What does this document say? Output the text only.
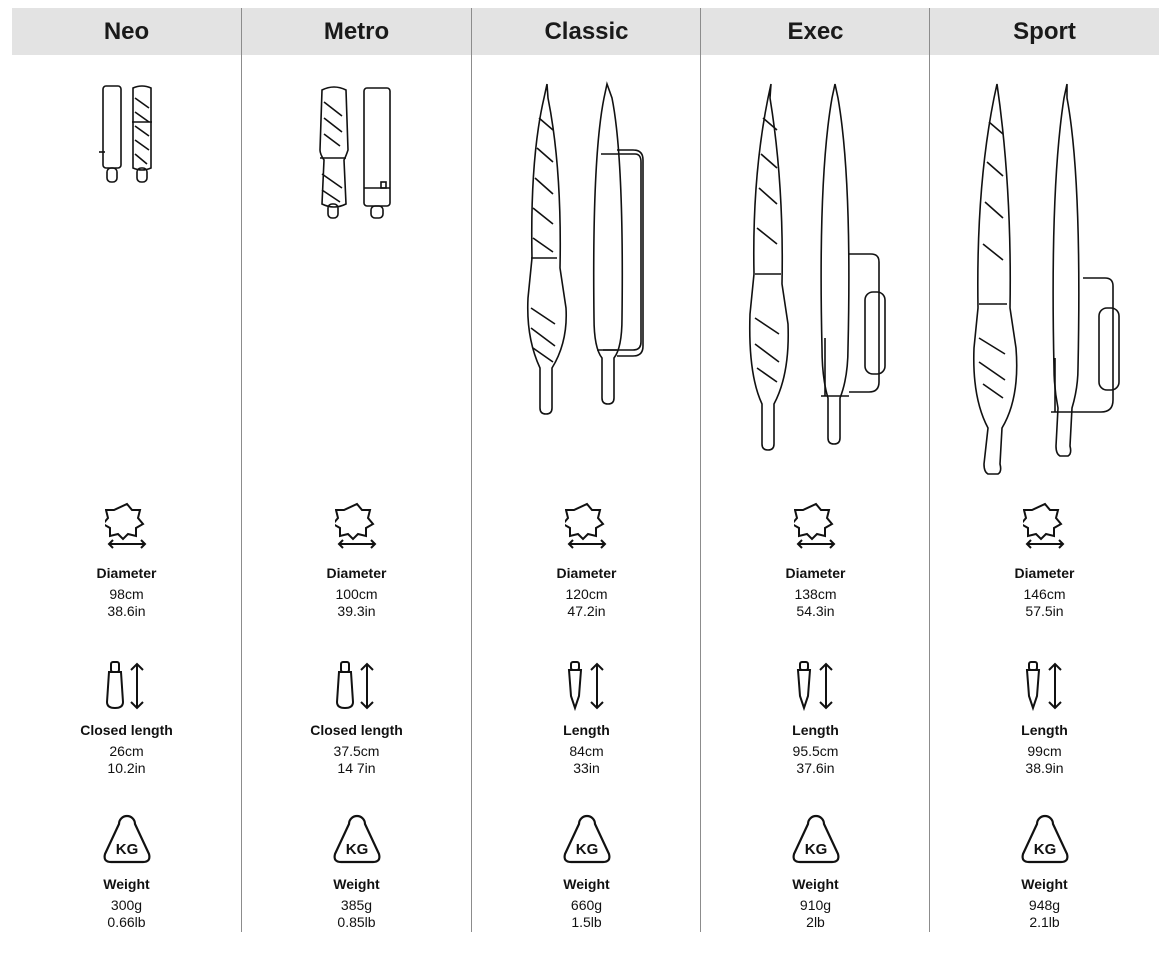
Neo
Diameter
98cm
38.6in
Closed length
26cm
10.2in
KG
Weight
300g
0.66lb
Metro
Diameter
100cm
39.3in
Closed length
37.5cm
14 7in
KG
Weight
385g
0.85lb
Classic
Diameter
120cm
47.2in
Length
84cm
33in
KG
Weight
660g
1.5lb
Exec
Diameter
138cm
54.3in
Length
95.5cm
37.6in
KG
Weight
910g
2lb
Sport
Diameter
146cm
57.5in
Length
99cm
38.9in
KG
Weight
948g
2.1lb
